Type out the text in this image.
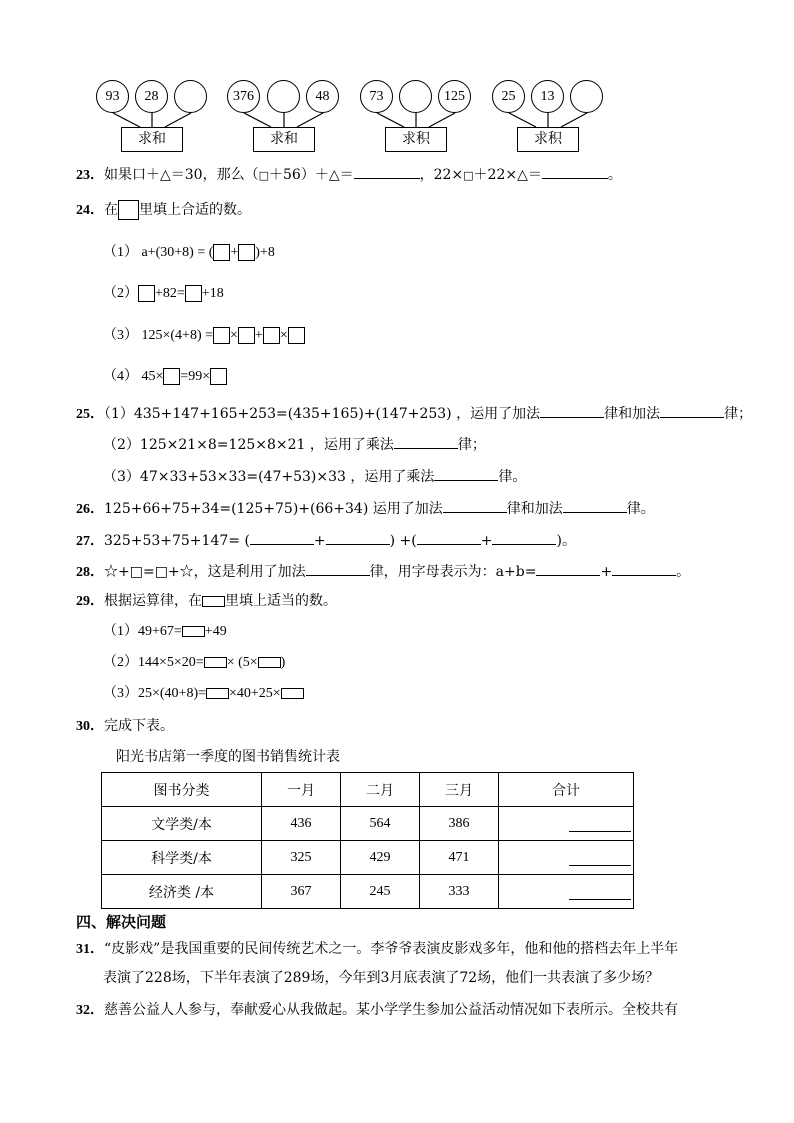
93	28
求和
376	48
求和
73	125
求积
25	13
求积
23．如果口＋△＝30，那么（□＋56）＋△＝	，22×□＋22×△＝	。
24．在 里填上合适的数。
（1） a+(30+8) = ( + )+8
（2） +82= +18
（3） 125×(4+8) = × + ×
（4） 45× =99×
25．（1）435+147+165+253=(435+165)+(147+253) ，运用了加法	律和加法	律；
（2）125×21×8=125×8×21 ，运用了乘法	律；
（3）47×33+53×33=(47+53)×33 ，运用了乘法	律。
26．125+66+75+34=(125+75)+(66+34) 运用了加法	律和加法	律。
27．325+53+75+147= (	+	) +(	+	)。
28．☆+□=□+☆，这是利用了加法	律，用字母表示为：a+b=	+	。
29．根据运算律，在 里填上适当的数。
（1）49+67= +49
（2）144×5×20= × (5× )
（3）25×(40+8)= ×40+25×
30．完成下表。
阳光书店第一季度的图书销售统计表
图书分类	一月	二月	三月	合计
文学类/本	436	564	386	

科学类/本	325	429	471	

经济类 /本	367	245	333	
四、解决问题
31．“皮影戏”是我国重要的民间传统艺术之一。李爷爷表演皮影戏多年，他和他的搭档去年上半年
表演了228场，下半年表演了289场，今年到3月底表演了72场，他们一共表演了多少场？
32．慈善公益人人参与，奉献爱心从我做起。某小学学生参加公益活动情况如下表所示。全校共有
